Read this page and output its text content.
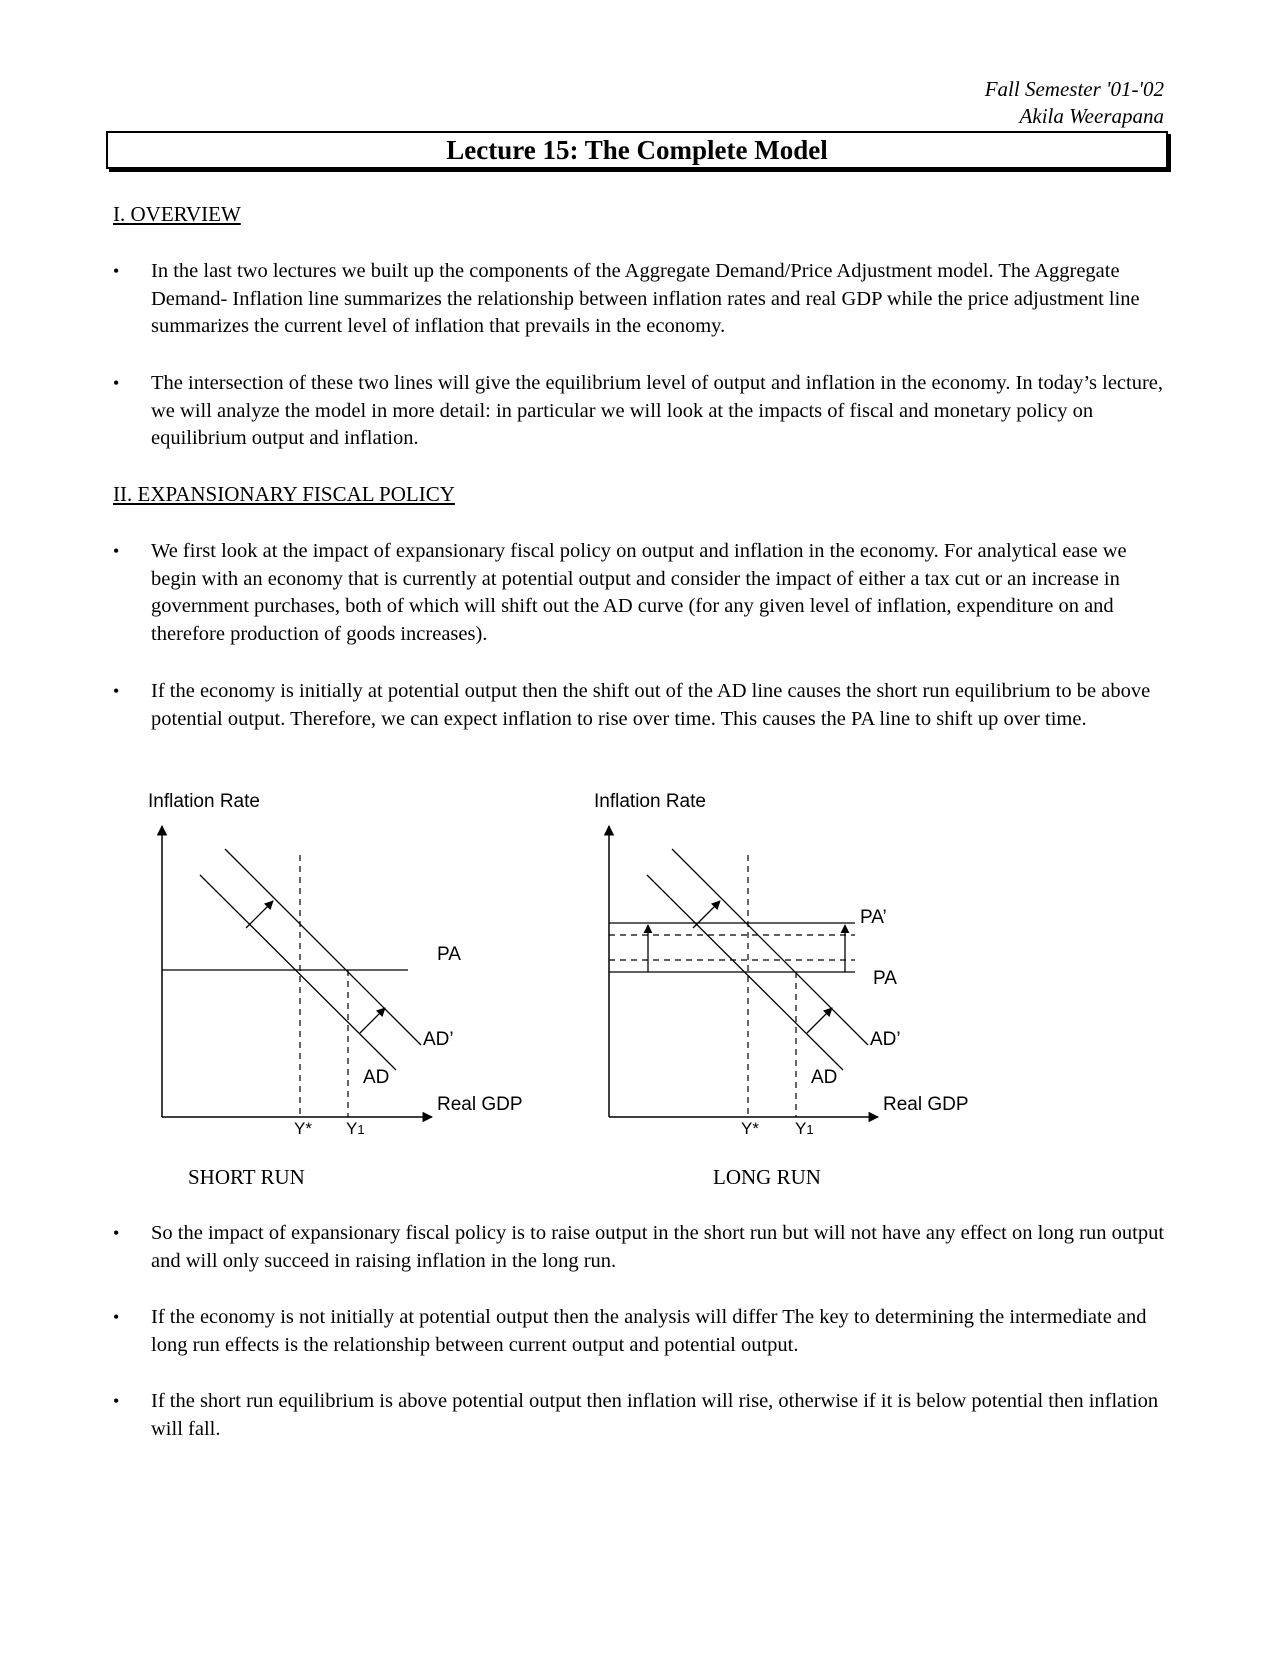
Fall Semester '01-'02
Akila Weerapana
Lecture 15: The Complete Model
I. OVERVIEW
•	In the last two lectures we built up the components of the Aggregate Demand/Price Adjustment model. The Aggregate Demand- Inflation line summarizes the relationship between inflation rates and real GDP while the price adjustment line summarizes the current level of inflation that prevails in the economy.
•	The intersection of these two lines will give the equilibrium level of output and inflation in the economy. In today’s lecture, we will analyze the model in more detail: in particular we will look at the impacts of fiscal and monetary policy on equilibrium output and inflation.
II. EXPANSIONARY FISCAL POLICY
•	We first look at the impact of expansionary fiscal policy on output and inflation in the economy. For analytical ease we begin with an economy that is currently at potential output and consider the impact of either a tax cut or an increase in government purchases, both of which will shift out the AD curve (for any given level of inflation, expenditure on and therefore production of goods increases).
•	If the economy is initially at potential output then the shift out of the AD line causes the short run equilibrium to be above potential output. Therefore, we can expect inflation to rise over time. This causes the PA line to shift up over time.
Inflation Rate
PA
AD’
AD
Real GDP
Y* Y1
Inflation Rate
PA’
PA
AD’
AD
Real GDP
Y* Y1
SHORT RUN	LONG RUN
•	So the impact of expansionary fiscal policy is to raise output in the short run but will not have any effect on long run output and will only succeed in raising inflation in the long run.
•	If the economy is not initially at potential output then the analysis will differ The key to determining the intermediate and long run effects is the relationship between current output and potential output.
•	If the short run equilibrium is above potential output then inflation will rise, otherwise if it is below potential then inflation will fall.
